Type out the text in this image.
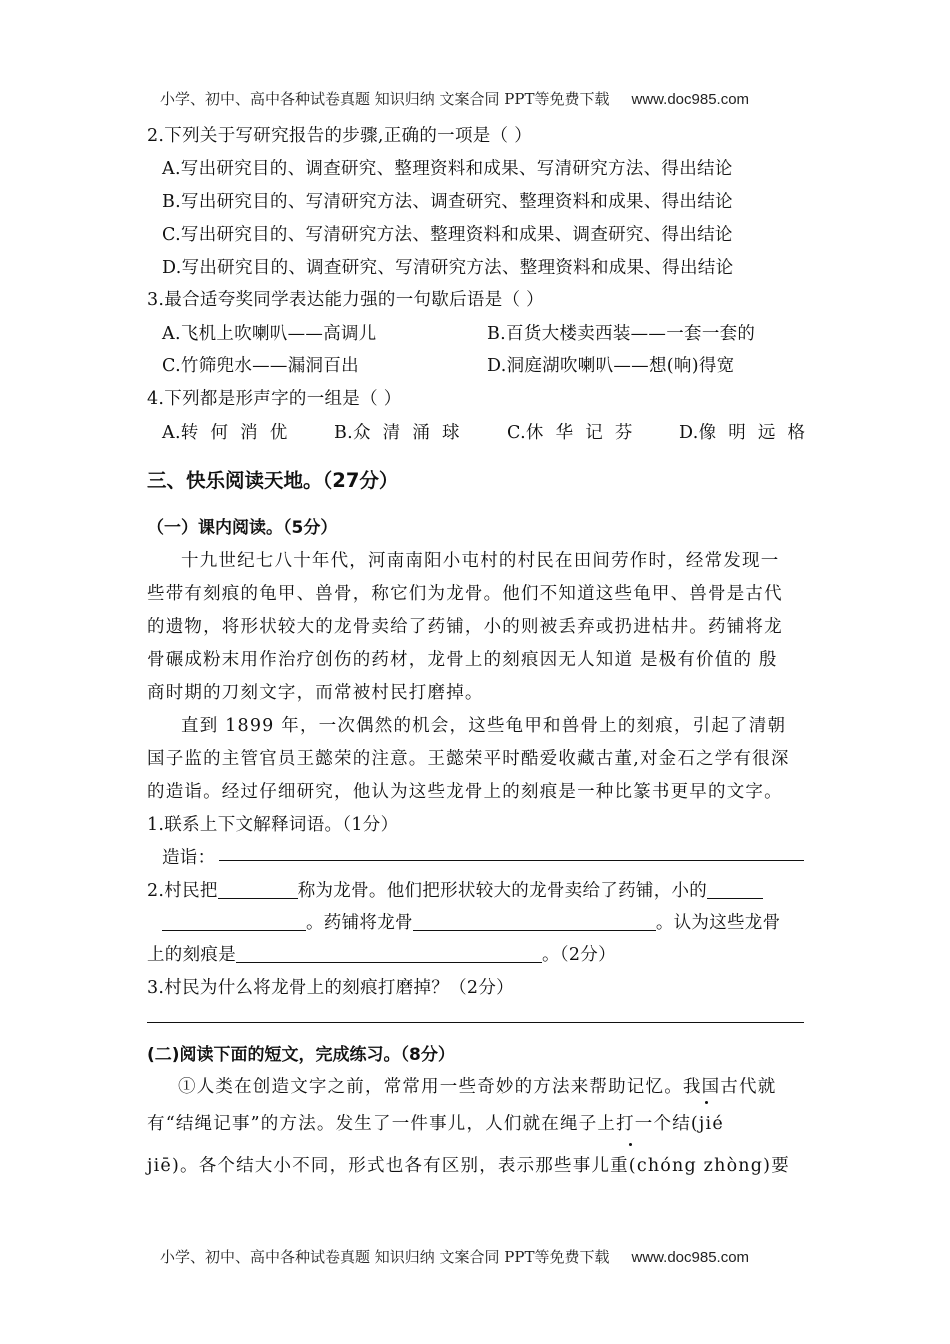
小学、初中、高中各种试卷真题 知识归纳 文案合同 PPT等免费下载 www.doc985.com
2.下列关于写研究报告的步骤,正确的一项是（ ）
A.写出研究目的、调查研究、整理资料和成果、写清研究方法、得出结论
B.写出研究目的、写清研究方法、调查研究、整理资料和成果、得出结论
C.写出研究目的、写清研究方法、整理资料和成果、调查研究、得出结论
D.写出研究目的、调查研究、写清研究方法、整理资料和成果、得出结论
3.最合适夸奖同学表达能力强的一句歇后语是（ ）
A.飞机上吹喇叭——高调儿	B.百货大楼卖西装——一套一套的
C.竹筛兜水——漏洞百出	D.洞庭湖吹喇叭——想(响)得宽
4.下列都是形声字的一组是（ ）
A.转 何 消 优	B.众 清 涌 球	C.休 华 记 芬	D.像 明 远 格
三、快乐阅读天地。（27分）
（一）课内阅读。（5分）
十九世纪七八十年代，河南南阳小屯村的村民在田间劳作时，经常发现一
些带有刻痕的龟甲、兽骨，称它们为龙骨。他们不知道这些龟甲、兽骨是古代
的遗物，将形状较大的龙骨卖给了药铺，小的则被丢弃或扔进枯井。药铺将龙
骨碾成粉末用作治疗创伤的药材，龙骨上的刻痕因无人知道 是极有价值的 殷
商时期的刀刻文字，而常被村民打磨掉。
直到 1899 年，一次偶然的机会，这些龟甲和兽骨上的刻痕，引起了清朝
国子监的主管官员王懿荣的注意。王懿荣平时酷爱收藏古董,对金石之学有很深
的造诣。经过仔细研究，他认为这些龙骨上的刻痕是一种比篆书更早的文字。
1.联系上下文解释词语。（1分）
造诣：
2.村民把	称为龙骨。他们把形状较大的龙骨卖给了药铺，小的
。药铺将龙骨	。认为这些龙骨
上的刻痕是	。（2分）
3.村民为什么将龙骨上的刻痕打磨掉？（2分）
(二)阅读下面的短文，完成练习。（8分）
①人类在创造文字之前，常常用一些奇妙的方法来帮助记忆。我国古代就
有“结绳记事”的方法。发生了一件事儿，人们就在绳子上打一个结(jié
jiē)。各个结大小不同，形式也各有区别，表示那些事儿重(chóng zhòng)要
小学、初中、高中各种试卷真题 知识归纳 文案合同 PPT等免费下载 www.doc985.com
